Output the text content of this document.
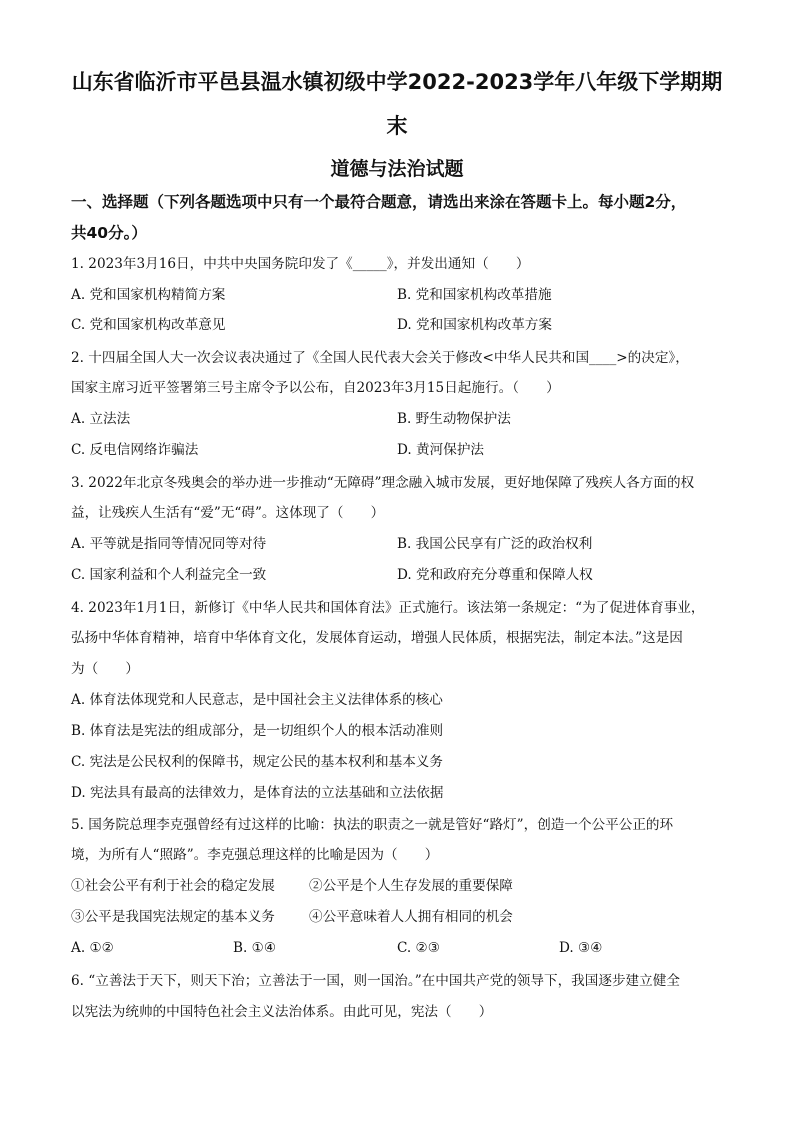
山东省临沂市平邑县温水镇初级中学2022-2023学年八年级下学期期
末
道德与法治试题
一、选择题（下列各题选项中只有一个最符合题意，请选出来涂在答题卡上。每小题2分，
共40分。）
1. 2023年3月16日，中共中央国务院印发了《_____》，并发出通知（　　）
A. 党和国家机构精简方案	B. 党和国家机构改革措施
C. 党和国家机构改革意见	D. 党和国家机构改革方案
2. 十四届全国人大一次会议表决通过了《全国人民代表大会关于修改<中华人民共和国____>的决定》，
国家主席习近平签署第三号主席令予以公布，自2023年3月15日起施行。（　　）
A. 立法法	B. 野生动物保护法
C. 反电信网络诈骗法	D. 黄河保护法
3. 2022年北京冬残奥会的举办进一步推动“无障碍”理念融入城市发展，更好地保障了残疾人各方面的权
益，让残疾人生活有“爱”无“碍”。这体现了（　　）
A. 平等就是指同等情况同等对待	B. 我国公民享有广泛的政治权利
C. 国家利益和个人利益完全一致	D. 党和政府充分尊重和保障人权
4. 2023年1月1日，新修订《中华人民共和国体育法》正式施行。该法第一条规定：“为了促进体育事业，
弘扬中华体育精神，培育中华体育文化，发展体育运动，增强人民体质，根据宪法，制定本法。”这是因
为（　　）
A. 体育法体现党和人民意志，是中国社会主义法律体系的核心
B. 体育法是宪法的组成部分，是一切组织个人的根本活动准则
C. 宪法是公民权利的保障书，规定公民的基本权利和基本义务
D. 宪法具有最高的法律效力，是体育法的立法基础和立法依据
5. 国务院总理李克强曾经有过这样的比喻：执法的职责之一就是管好“路灯”，创造一个公平公正的环
境，为所有人“照路”。李克强总理这样的比喻是因为（　　）
①社会公平有利于社会的稳定发展	②公平是个人生存发展的重要保障
③公平是我国宪法规定的基本义务	④公平意味着人人拥有相同的机会
A. ①②	B. ①④	C. ②③	D. ③④
6. “立善法于天下，则天下治；立善法于一国，则一国治。”在中国共产党的领导下，我国逐步建立健全
以宪法为统帅的中国特色社会主义法治体系。由此可见，宪法（　　）
